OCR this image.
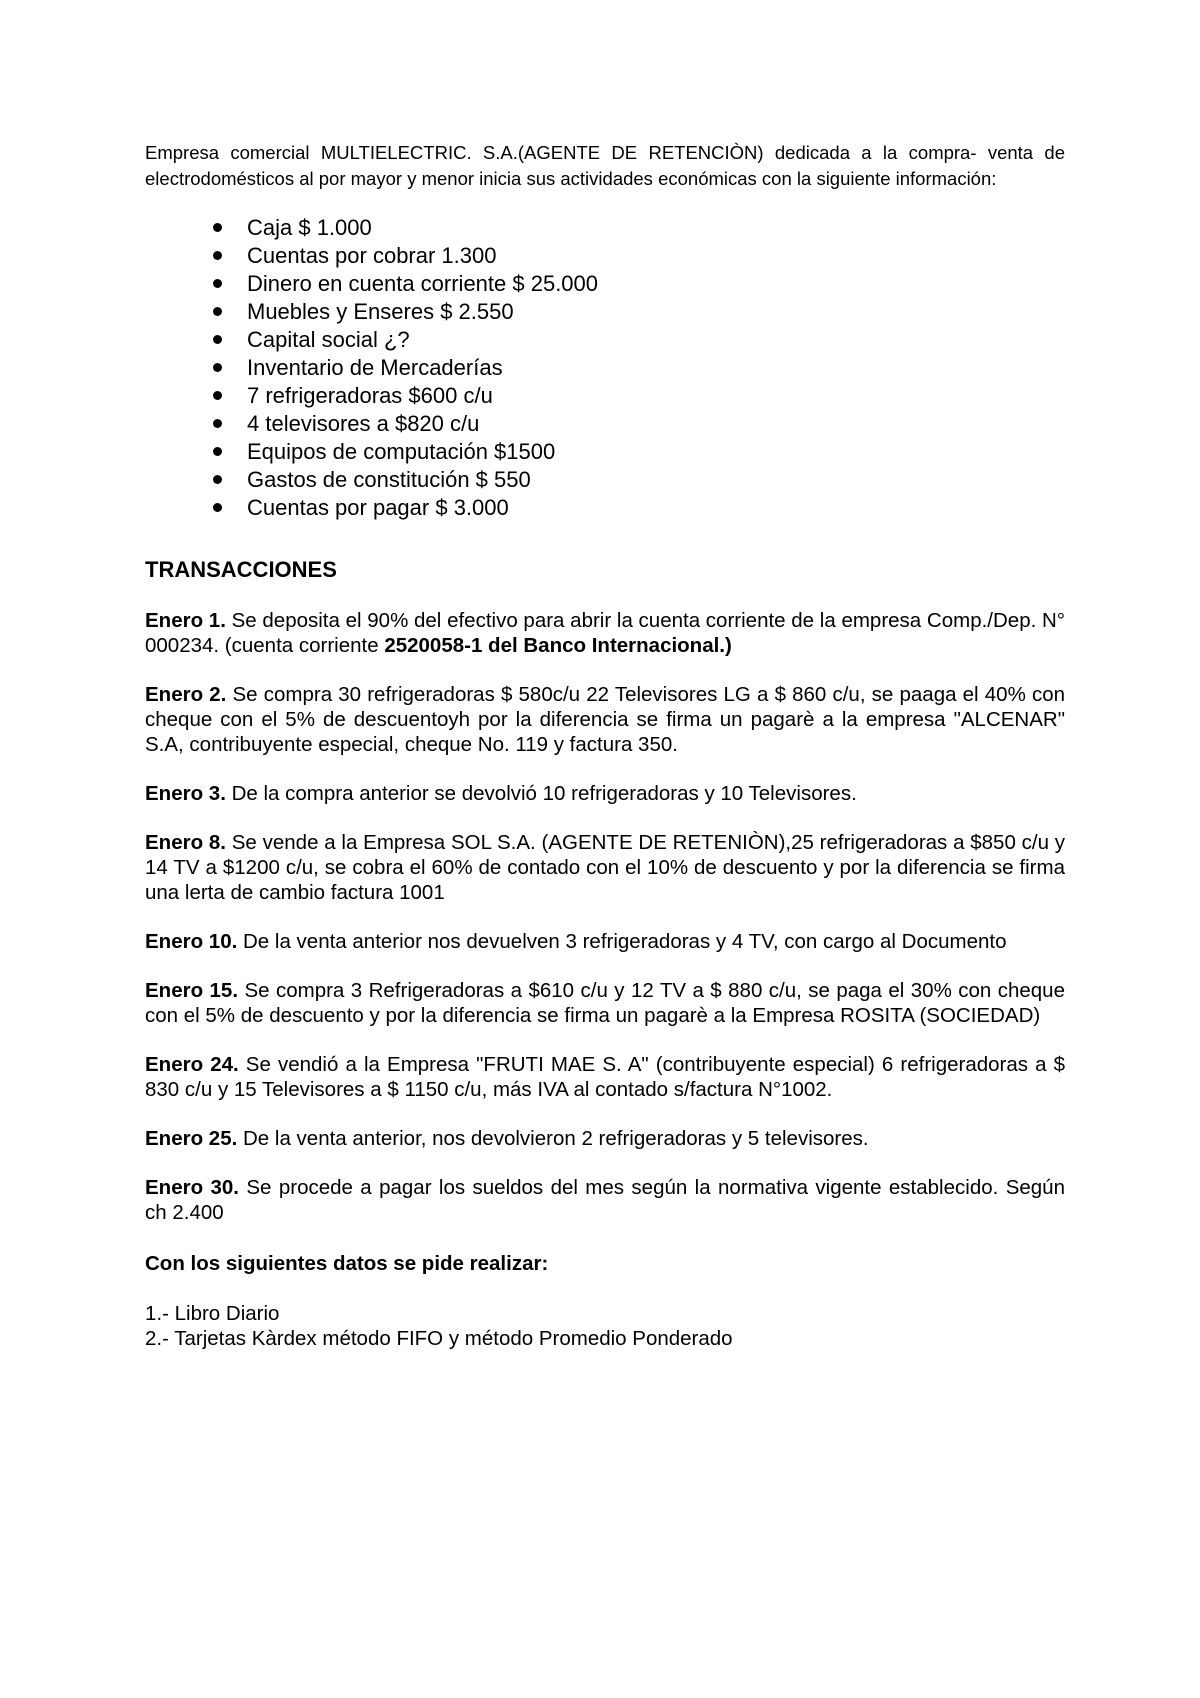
Empresa comercial MULTIELECTRIC. S.A.(AGENTE DE RETENCIÒN) dedicada a la compra- venta de electrodomésticos al por mayor y menor inicia sus actividades económicas con la siguiente información:

Caja $ 1.000
Cuentas por cobrar 1.300
Dinero en cuenta corriente $ 25.000
Muebles y Enseres $ 2.550
Capital social ¿?
Inventario de Mercaderías
7 refrigeradoras $600 c/u
4 televisores a $820 c/u
Equipos de computación $1500
Gastos de constitución $ 550
Cuentas por pagar $ 3.000
TRANSACCIONES

Enero 1. Se deposita el 90% del efectivo para abrir la cuenta corriente de la empresa Comp./Dep. N° 000234. (cuenta corriente 2520058-1 del Banco Internacional.)

Enero 2. Se compra 30 refrigeradoras $ 580c/u 22 Televisores LG a $ 860 c/u, se paaga el 40% con cheque con el 5% de descuentoyh por la diferencia se firma un pagarè a la empresa "ALCENAR" S.A, contribuyente especial, cheque No. 119 y factura 350.

Enero 3. De la compra anterior se devolvió 10 refrigeradoras y 10 Televisores.

Enero 8. Se vende a la Empresa SOL S.A. (AGENTE DE RETENIÒN),25 refrigeradoras a $850 c/u y 14 TV a $1200 c/u, se cobra el 60% de contado con el 10% de descuento y por la diferencia se firma una lerta de cambio factura 1001

Enero 10. De la venta anterior nos devuelven 3 refrigeradoras y 4 TV, con cargo al Documento

Enero 15. Se compra 3 Refrigeradoras a $610 c/u y 12 TV a $ 880 c/u, se paga el 30% con cheque con el 5% de descuento y por la diferencia se firma un pagarè a la Empresa ROSITA (SOCIEDAD)

Enero 24. Se vendió a la Empresa "FRUTI MAE S. A" (contribuyente especial) 6 refrigeradoras a $ 830 c/u y 15 Televisores a $ 1150 c/u, más IVA al contado s/factura N°1002.

Enero 25. De la venta anterior, nos devolvieron 2 refrigeradoras y 5 televisores.

Enero 30. Se procede a pagar los sueldos del mes según la normativa vigente establecido. Según ch 2.400

Con los siguientes datos se pide realizar:

1.- Libro Diario
2.- Tarjetas Kàrdex método FIFO y método Promedio Ponderado
